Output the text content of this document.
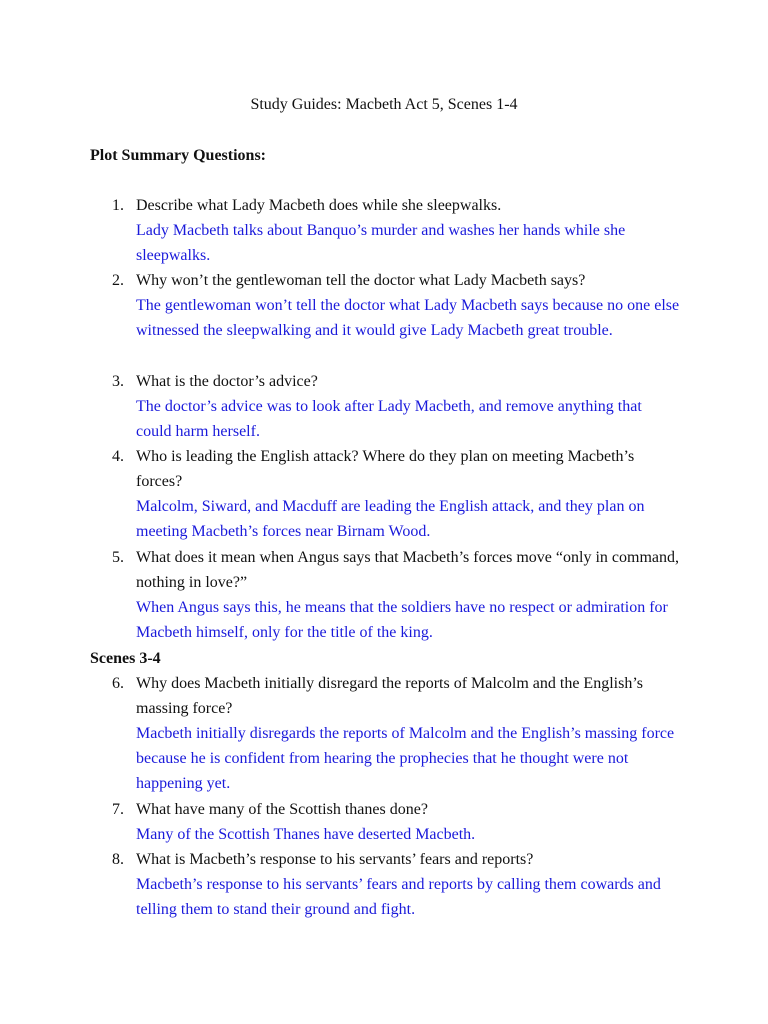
Study Guides: Macbeth Act 5, Scenes 1-4
Plot Summary Questions:
1. Describe what Lady Macbeth does while she sleepwalks.
Lady Macbeth talks about Banquo’s murder and washes her hands while she sleepwalks.
2. Why won’t the gentlewoman tell the doctor what Lady Macbeth says?
The gentlewoman won’t tell the doctor what Lady Macbeth says because no one else witnessed the sleepwalking and it would give Lady Macbeth great trouble.
3. What is the doctor’s advice?
The doctor’s advice was to look after Lady Macbeth, and remove anything that could harm herself.
4. Who is leading the English attack? Where do they plan on meeting Macbeth’s forces?
Malcolm, Siward, and Macduff are leading the English attack, and they plan on meeting Macbeth’s forces near Birnam Wood.
5. What does it mean when Angus says that Macbeth’s forces move “only in command, nothing in love?”
When Angus says this, he means that the soldiers have no respect or admiration for Macbeth himself, only for the title of the king.
Scenes 3-4
6. Why does Macbeth initially disregard the reports of Malcolm and the English’s massing force?
Macbeth initially disregards the reports of Malcolm and the English’s massing force because he is confident from hearing the prophecies that he thought were not happening yet.
7. What have many of the Scottish thanes done?
Many of the Scottish Thanes have deserted Macbeth.
8. What is Macbeth’s response to his servants’ fears and reports?
Macbeth’s response to his servants’ fears and reports by calling them cowards and telling them to stand their ground and fight.
